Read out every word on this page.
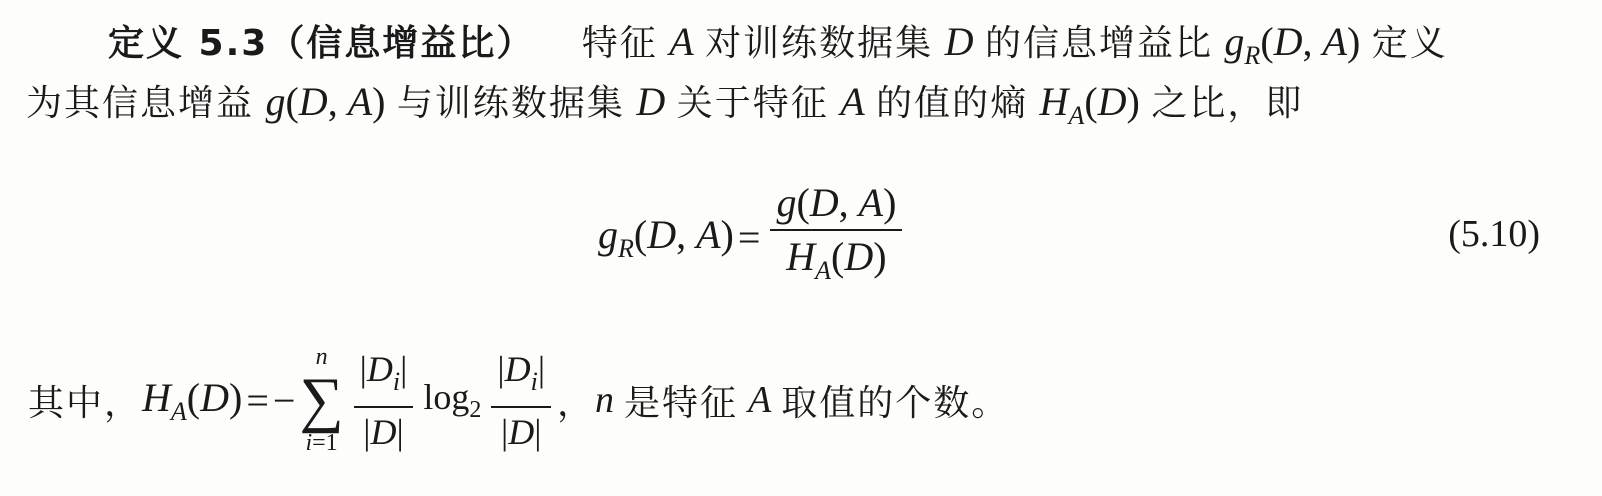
定义 5.3（信息增益比） 特征 A 对训练数据集 D 的信息增益比 $g_R(D$, A) 定义
为其信息增益 g(D, A) 与训练数据集 D 关于特征 A 的值的熵 $H_A(D)$ 之比，即
$g_R(D$, $A) = \frac{g(D, A)}{H_A(D)}$	(5.10)
其中， $H_A(D)$ = −
n
∑
$i=1 \frac{|D_i|}{|D|} \log_2 \frac{|D_i|}{|D|}$ ， n 是特征 A 取值的个数。
